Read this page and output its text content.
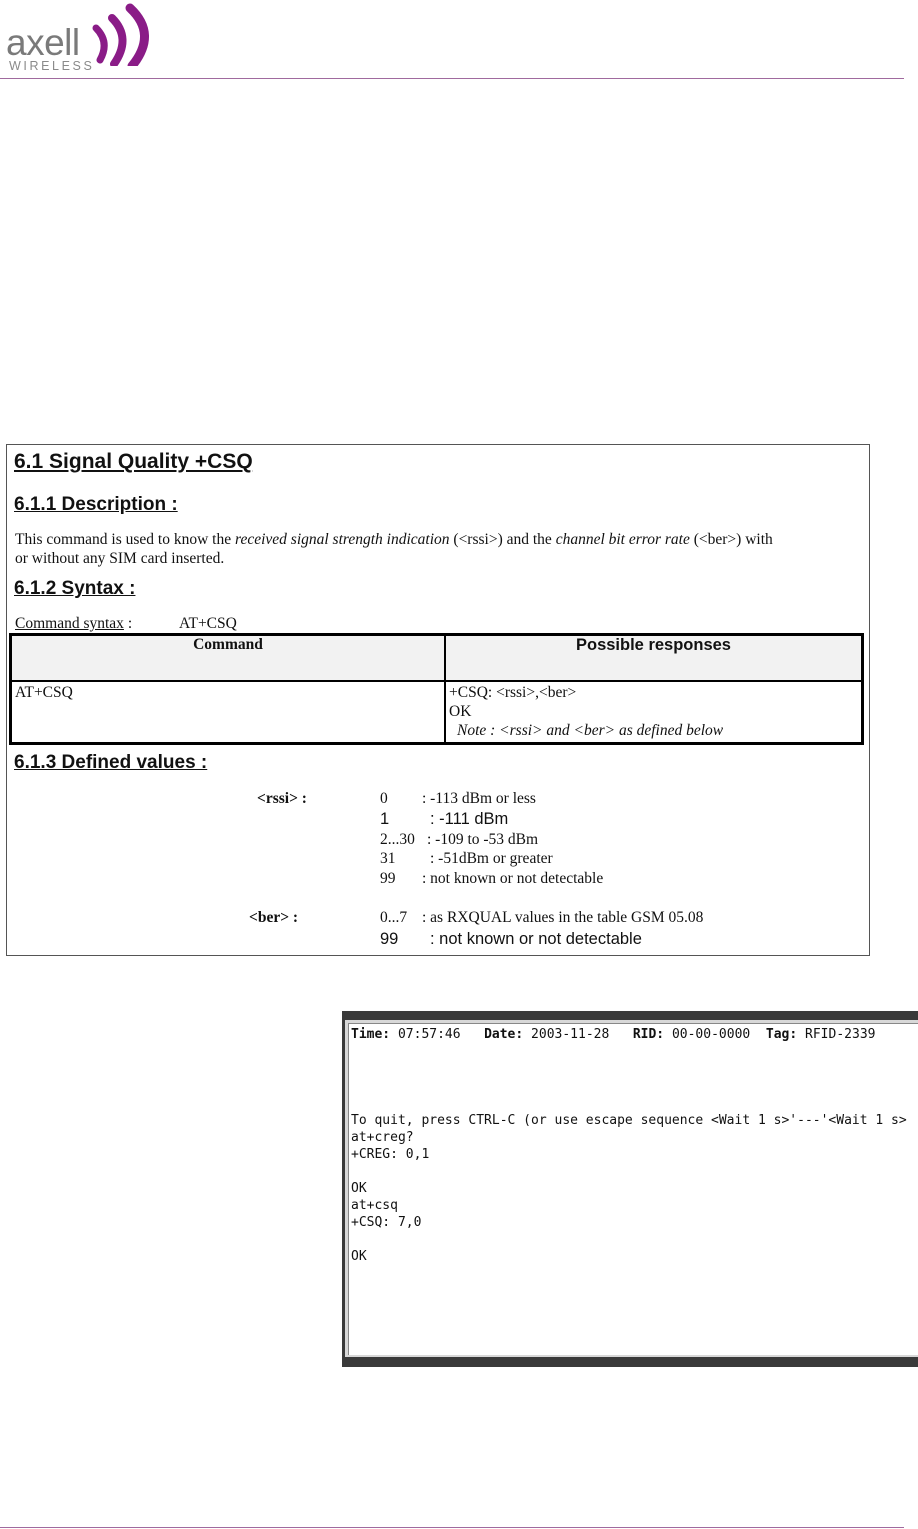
axell
WIRELESS
6.1 Signal Quality +CSQ
6.1.1 Description :

This command is used to know the received signal strength indication (<rssi>) and the channel bit error rate (<ber>) with or without any SIM card inserted.

6.1.2 Syntax :
Command syntax :	AT+CSQ
Command	Possible responses
AT+CSQ	+CSQ: <rssi>,<ber>
OK

Note : <rssi> and <ber> as defined below
6.1.3 Defined values :
<rssi> :	0 : -113 dBm or less
1 : -111 dBm
2...30 : -109 to -53 dBm
31 : -51dBm or greater
99 : not known or not detectable
<ber> :	0...7 : as RXQUAL values in the table GSM 05.08
99 : not known or not detectable
Time: 07:57:46 Date: 2003-11-28 RID: 00-00-0000 Tag: RFID-2339
To quit, press CTRL-C (or use escape sequence <Wait 1 s>'---'<Wait 1 s>
at+creg?
+CREG: 0,1

OK
at+csq
+CSQ: 7,0

OK
